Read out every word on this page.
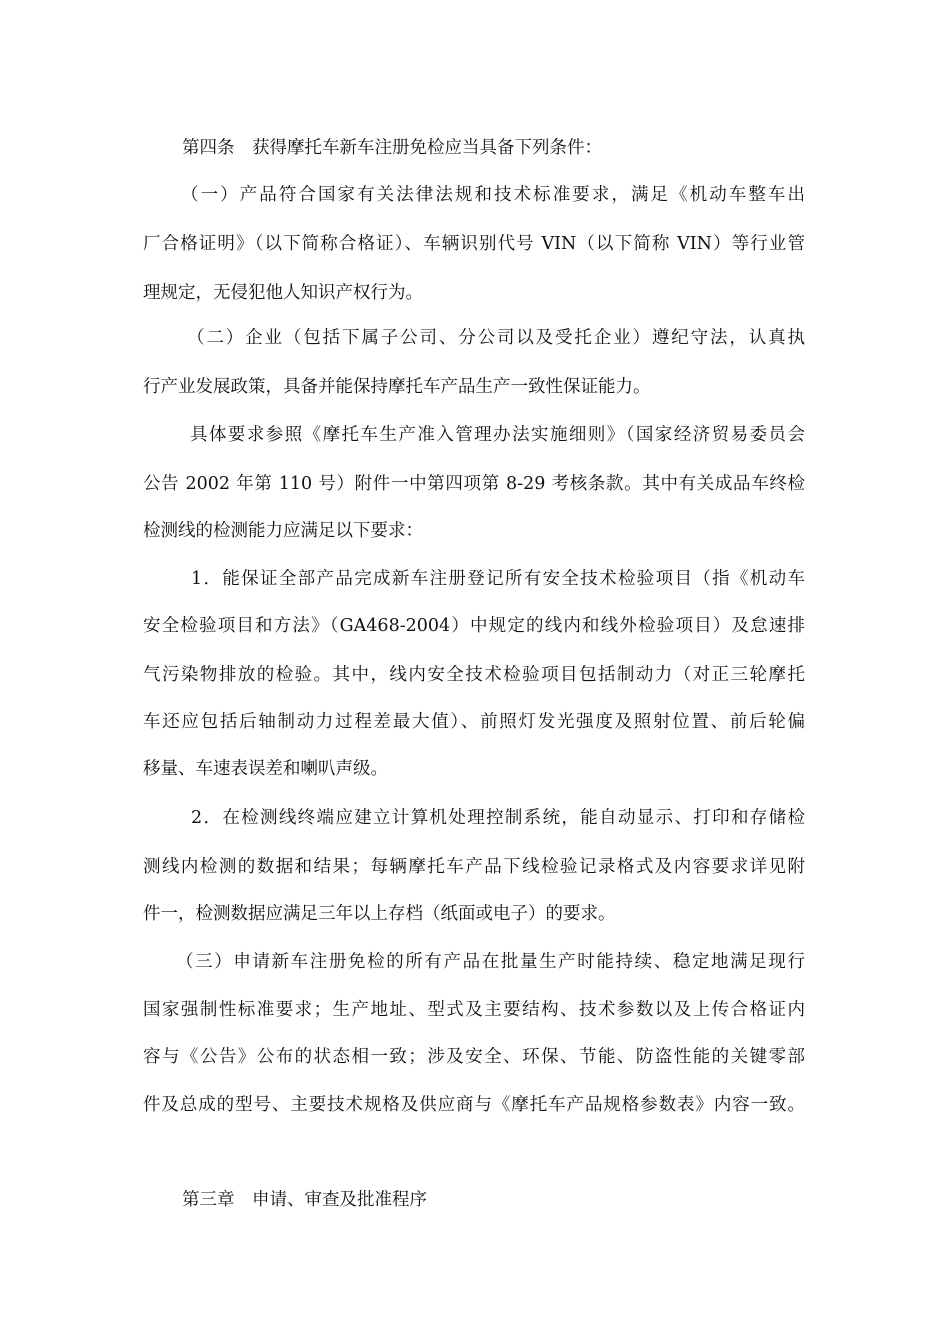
第四条　获得摩托车新车注册免检应当具备下列条件：

（一）产品符合国家有关法律法规和技术标准要求，满足《机动车整车出

厂合格证明》（以下简称合格证）、车辆识别代号 VIN（以下简称 VIN）等行业管

理规定，无侵犯他人知识产权行为。

（二）企业（包括下属子公司、分公司以及受托企业）遵纪守法，认真执

行产业发展政策，具备并能保持摩托车产品生产一致性保证能力。

具体要求参照《摩托车生产准入管理办法实施细则》（国家经济贸易委员会

公告 2002 年第 110 号）附件一中第四项第 8-29 考核条款。其中有关成品车终检

检测线的检测能力应满足以下要求：

1．能保证全部产品完成新车注册登记所有安全技术检验项目（指《机动车

安全检验项目和方法》（GA468-2004）中规定的线内和线外检验项目）及怠速排

气污染物排放的检验。其中，线内安全技术检验项目包括制动力（对正三轮摩托

车还应包括后轴制动力过程差最大值）、前照灯发光强度及照射位置、前后轮偏

移量、车速表误差和喇叭声级。

2．在检测线终端应建立计算机处理控制系统，能自动显示、打印和存储检

测线内检测的数据和结果；每辆摩托车产品下线检验记录格式及内容要求详见附

件一，检测数据应满足三年以上存档（纸面或电子）的要求。

（三）申请新车注册免检的所有产品在批量生产时能持续、稳定地满足现行

国家强制性标准要求；生产地址、型式及主要结构、技术参数以及上传合格证内

容与《公告》公布的状态相一致；涉及安全、环保、节能、防盗性能的关键零部

件及总成的型号、主要技术规格及供应商与《摩托车产品规格参数表》内容一致。

第三章　申请、审查及批准程序
